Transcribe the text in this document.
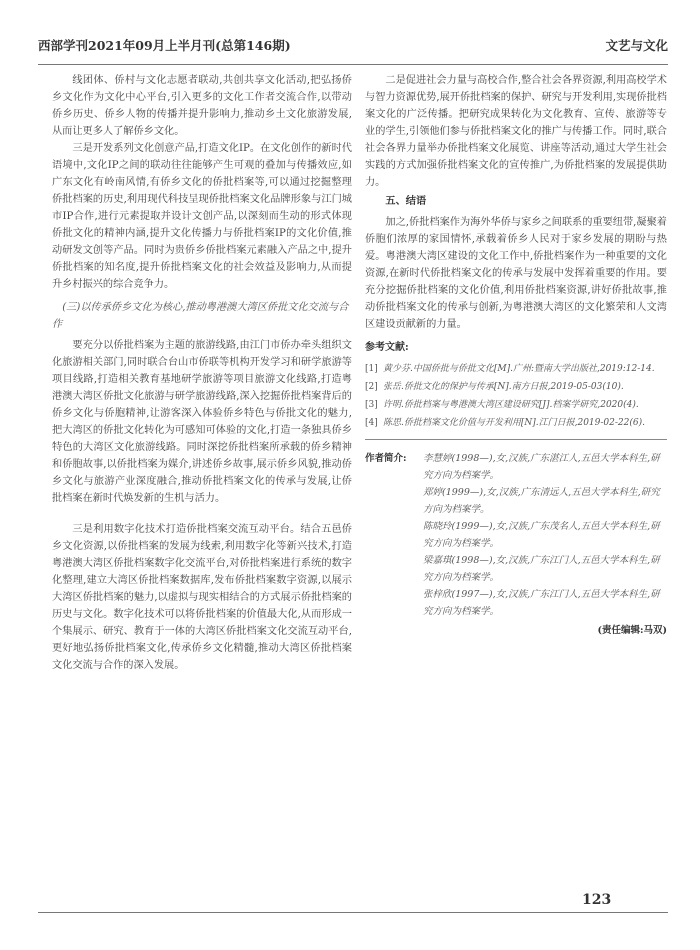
西部学刊2021年09月上半月刊(总第146期)	文艺与文化

线团体、侨村与文化志愿者联动,共创共享文化活动,把弘扬侨乡文化作为文化中心平台,引入更多的文化工作者交流合作,以带动侨乡历史、侨乡人物的传播并提升影响力,推动乡土文化旅游发展,从而让更多人了解侨乡文化。

三是开发系列文化创意产品,打造文化IP。在文化创作的新时代语境中,文化IP之间的联动往往能够产生可观的叠加与传播效应,如广东文化有岭南风情,有侨乡文化的侨批档案等,可以通过挖掘整理侨批档案的历史,利用现代科技呈现侨批档案文化品牌形象与江门城市IP合作,进行元素提取并设计文创产品,以深刻而生动的形式体现侨批文化的精神内涵,提升文化传播力与侨批档案IP的文化价值,推动研发文创等产品。同时为贵侨乡侨批档案元素融入产品之中,提升侨批档案的知名度,提升侨批档案文化的社会效益及影响力,从而提升乡村振兴的综合竞争力。

(三)以传承侨乡文化为核心,推动粤港澳大湾区侨批文化交流与合作

要充分以侨批档案为主题的旅游线路,由江门市侨办牵头组织文化旅游相关部门,同时联合台山市侨联等机构开发学习和研学旅游等项目线路,打造相关教育基地研学旅游等项目旅游文化线路,打造粤港澳大湾区侨批文化旅游与研学旅游线路,深入挖掘侨批档案背后的侨乡文化与侨胞精神,让游客深入体验侨乡特色与侨批文化的魅力,把大湾区的侨批文化转化为可感知可体验的文化,打造一条独具侨乡特色的大湾区文化旅游线路。同时深挖侨批档案所承载的侨乡精神和侨胞故事,以侨批档案为媒介,讲述侨乡故事,展示侨乡风貌,推动侨乡文化与旅游产业深度融合,推动侨批档案文化的传承与发展,让侨批档案在新时代焕发新的生机与活力。

三是利用数字化技术打造侨批档案交流互动平台。结合五邑侨乡文化资源,以侨批档案的发展为线索,利用数字化等新兴技术,打造粤港澳大湾区侨批档案数字化交流平台,对侨批档案进行系统的数字化整理,建立大湾区侨批档案数据库,发布侨批档案数字资源,以展示大湾区侨批档案的魅力,以虚拟与现实相结合的方式展示侨批档案的历史与文化。数字化技术可以将侨批档案的价值最大化,从而形成一个集展示、研究、教育于一体的大湾区侨批档案文化交流互动平台,更好地弘扬侨批档案文化,传承侨乡文化精髓,推动大湾区侨批档案文化交流与合作的深入发展。

二是促进社会力量与高校合作,整合社会各界资源,利用高校学术与智力资源优势,展开侨批档案的保护、研究与开发利用,实现侨批档案文化的广泛传播。把研究成果转化为文化教育、宣传、旅游等专业的学生,引领他们参与侨批档案文化的推广与传播工作。同时,联合社会各界力量举办侨批档案文化展览、讲座等活动,通过大学生社会实践的方式加强侨批档案文化的宣传推广,为侨批档案的发展提供助力。

五、结语

加之,侨批档案作为海外华侨与家乡之间联系的重要纽带,凝聚着侨胞们浓厚的家国情怀,承载着侨乡人民对于家乡发展的期盼与热爱。粤港澳大湾区建设的文化工作中,侨批档案作为一种重要的文化资源,在新时代侨批档案文化的传承与发展中发挥着重要的作用。要充分挖掘侨批档案的文化价值,利用侨批档案资源,讲好侨批故事,推动侨批档案文化的传承与创新,为粤港澳大湾区的文化繁荣和人文湾区建设贡献新的力量。

参考文献:
[1] 黄少芬.中国侨批与侨批文化[M].广州:暨南大学出版社,2019:12-14.
[2] 张岳.侨批文化的保护与传承[N].南方日报,2019-05-03(10).
[3] 许明.侨批档案与粤港澳大湾区建设研究[J].档案学研究,2020(4).
[4] 陈思.侨批档案文化价值与开发利用[N].江门日报,2019-02-22(6).
作者简介:	李慧婷(1998—),女,汉族,广东湛江人,五邑大学本科生,研究方向为档案学。

郑婷(1999—),女,汉族,广东清远人,五邑大学本科生,研究方向为档案学。

陈晓玲(1999—),女,汉族,广东茂名人,五邑大学本科生,研究方向为档案学。

梁嘉琪(1998—),女,汉族,广东江门人,五邑大学本科生,研究方向为档案学。

张梓欣(1997—),女,汉族,广东江门人,五邑大学本科生,研究方向为档案学。

(责任编辑:马双)
123
